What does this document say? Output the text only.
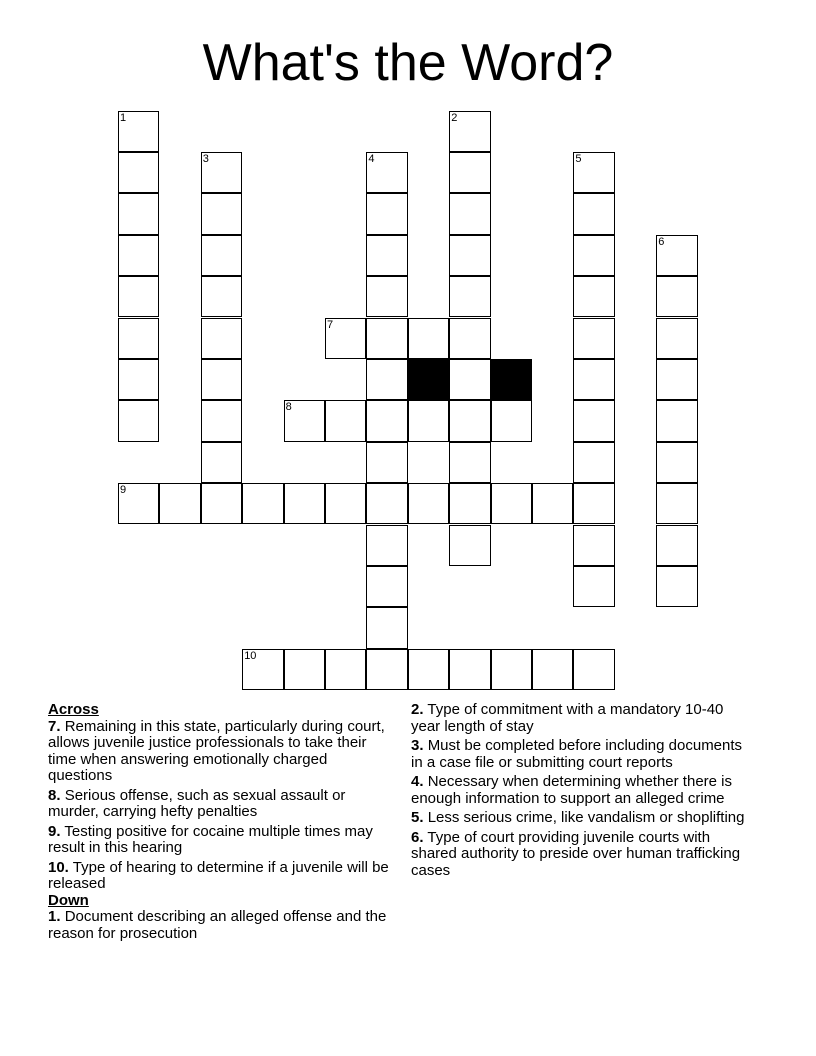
What's the Word?
7
8
9
10
1	2
3	4	5
6
Across
7. Remaining in this state, particularly during court, allows juvenile justice professionals to take their time when answering emotionally charged questions
8. Serious offense, such as sexual assault or murder, carrying hefty penalties
9. Testing positive for cocaine multiple times may result in this hearing
10. Type of hearing to determine if a juvenile will be released
Down
1. Document describing an alleged offense and the reason for prosecution
2. Type of commitment with a mandatory 10-40 year length of stay
3. Must be completed before including documents in a case file or submitting court reports
4. Necessary when determining whether there is enough information to support an alleged crime
5. Less serious crime, like vandalism or shoplifting
6. Type of court providing juvenile courts with shared authority to preside over human trafficking cases
